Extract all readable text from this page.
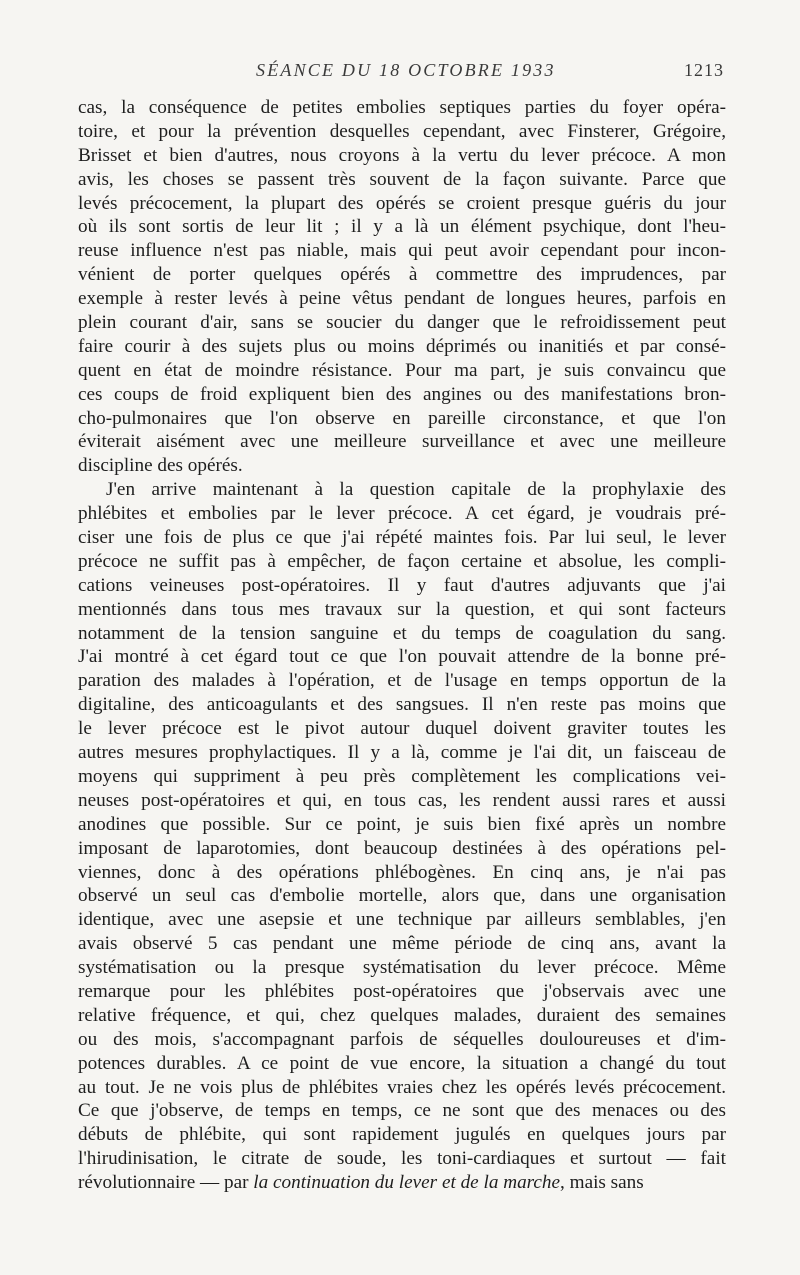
SÉANCE DU 18 OCTOBRE 1933	1213
cas, la conséquence de petites embolies septiques parties du foyer opéra-
toire, et pour la prévention desquelles cependant, avec Finsterer, Grégoire,
Brisset et bien d'autres, nous croyons à la vertu du lever précoce. A mon
avis, les choses se passent très souvent de la façon suivante. Parce que
levés précocement, la plupart des opérés se croient presque guéris du jour
où ils sont sortis de leur lit ; il y a là un élément psychique, dont l'heu-
reuse influence n'est pas niable, mais qui peut avoir cependant pour incon-
vénient de porter quelques opérés à commettre des imprudences, par
exemple à rester levés à peine vêtus pendant de longues heures, parfois en
plein courant d'air, sans se soucier du danger que le refroidissement peut
faire courir à des sujets plus ou moins déprimés ou inanitiés et par consé-
quent en état de moindre résistance. Pour ma part, je suis convaincu que
ces coups de froid expliquent bien des angines ou des manifestations bron-
cho-pulmonaires que l'on observe en pareille circonstance, et que l'on
éviterait aisément avec une meilleure surveillance et avec une meilleure
discipline des opérés.
J'en arrive maintenant à la question capitale de la prophylaxie des
phlébites et embolies par le lever précoce. A cet égard, je voudrais pré-
ciser une fois de plus ce que j'ai répété maintes fois. Par lui seul, le lever
précoce ne suffit pas à empêcher, de façon certaine et absolue, les compli-
cations veineuses post-opératoires. Il y faut d'autres adjuvants que j'ai
mentionnés dans tous mes travaux sur la question, et qui sont facteurs
notamment de la tension sanguine et du temps de coagulation du sang.
J'ai montré à cet égard tout ce que l'on pouvait attendre de la bonne pré-
paration des malades à l'opération, et de l'usage en temps opportun de la
digitaline, des anticoagulants et des sangsues. Il n'en reste pas moins que
le lever précoce est le pivot autour duquel doivent graviter toutes les
autres mesures prophylactiques. Il y a là, comme je l'ai dit, un faisceau de
moyens qui suppriment à peu près complètement les complications vei-
neuses post-opératoires et qui, en tous cas, les rendent aussi rares et aussi
anodines que possible. Sur ce point, je suis bien fixé après un nombre
imposant de laparotomies, dont beaucoup destinées à des opérations pel-
viennes, donc à des opérations phlébogènes. En cinq ans, je n'ai pas
observé un seul cas d'embolie mortelle, alors que, dans une organisation
identique, avec une asepsie et une technique par ailleurs semblables, j'en
avais observé 5 cas pendant une même période de cinq ans, avant la
systématisation ou la presque systématisation du lever précoce. Même
remarque pour les phlébites post-opératoires que j'observais avec une
relative fréquence, et qui, chez quelques malades, duraient des semaines
ou des mois, s'accompagnant parfois de séquelles douloureuses et d'im-
potences durables. A ce point de vue encore, la situation a changé du tout
au tout. Je ne vois plus de phlébites vraies chez les opérés levés précocement.
Ce que j'observe, de temps en temps, ce ne sont que des menaces ou des
débuts de phlébite, qui sont rapidement jugulés en quelques jours par
l'hirudinisation, le citrate de soude, les toni-cardiaques et surtout — fait
révolutionnaire — par la continuation du lever et de la marche, mais sans
